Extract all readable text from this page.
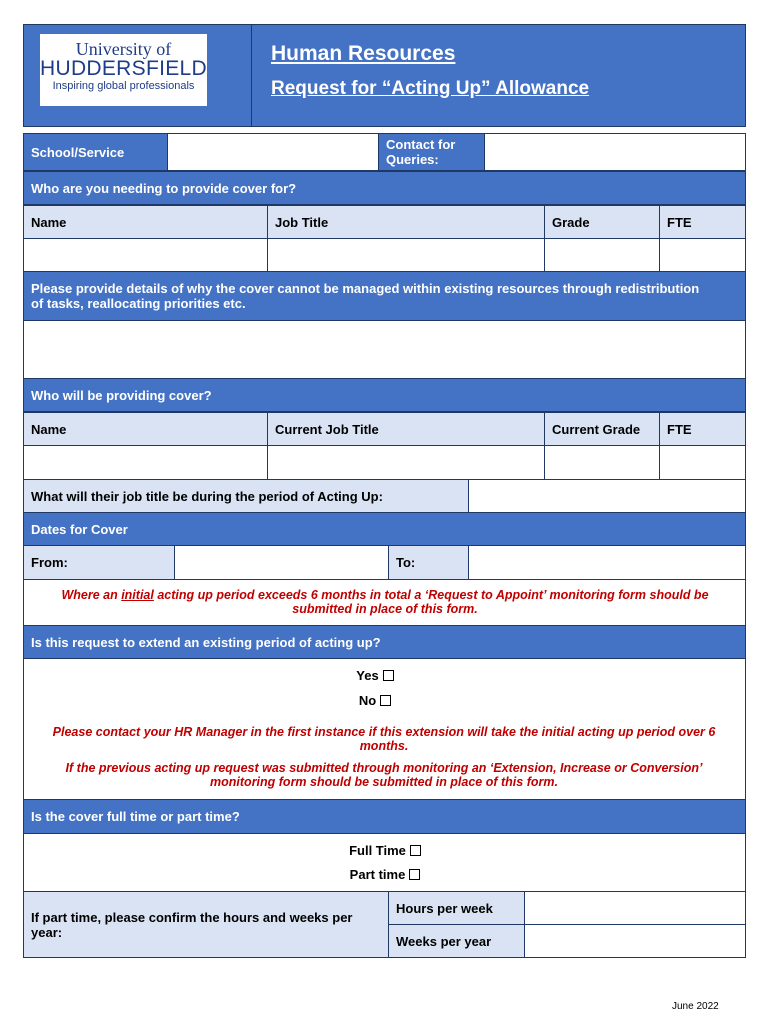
University of
HUDDERSFIELD
Inspiring global professionals
Human Resources
Request for “Acting Up” Allowance
School/Service	Contact for Queries:
Who are you needing to provide cover for?
Name	Job Title	Grade	FTE
Please provide details of why the cover cannot be managed within existing resources through redistribution of tasks, reallocating priorities etc.
Who will be providing cover?
Name	Current Job Title	Current Grade	FTE
What will their job title be during the period of Acting Up:
Dates for Cover
From:	To:
Where an initial acting up period exceeds 6 months in total a ‘Request to Appoint’ monitoring form should be submitted in place of this form.
Is this request to extend an existing period of acting up?
Yes
No
Please contact your HR Manager in the first instance if this extension will take the initial acting up period over 6 months.
If the previous acting up request was submitted through monitoring an ‘Extension, Increase or Conversion’ monitoring form should be submitted in place of this form.
Is the cover full time or part time?
Full Time
Part time
If part time, please confirm the hours and weeks per year:
Hours per week
Weeks per year
June 2022
